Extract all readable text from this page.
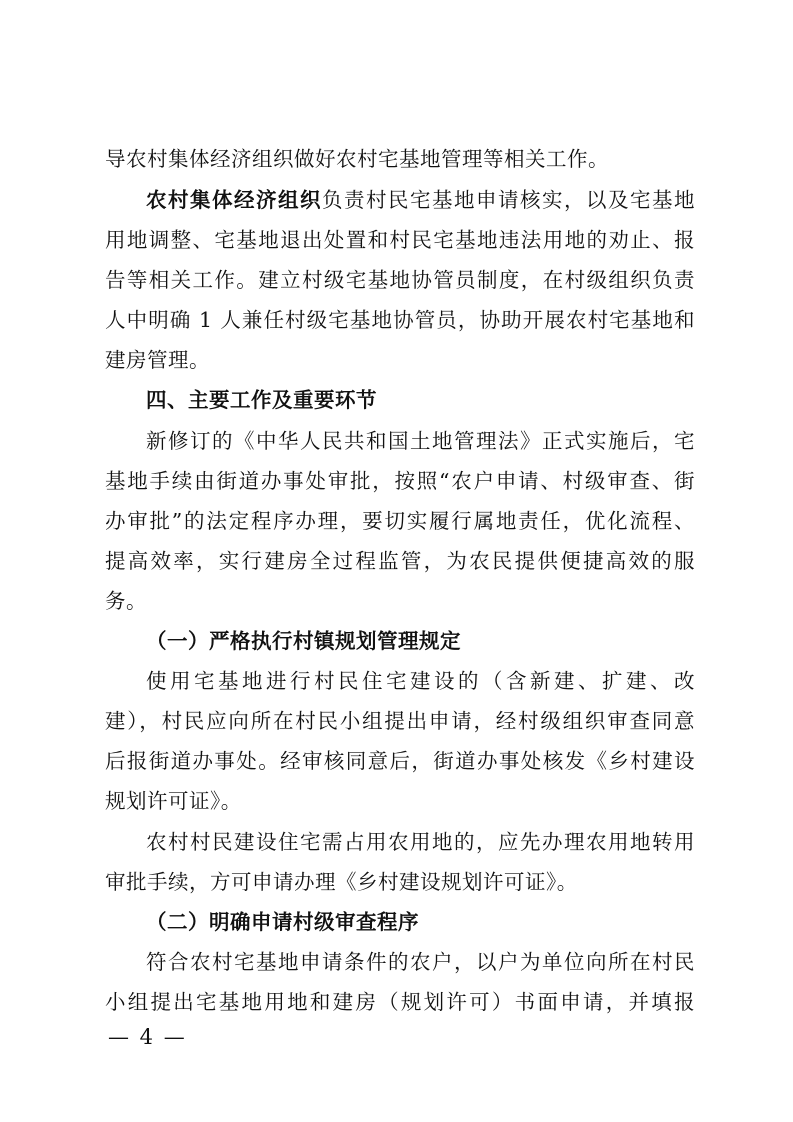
导农村集体经济组织做好农村宅基地管理等相关工作。
农村集体经济组织负责村民宅基地申请核实，以及宅基地
用地调整、宅基地退出处置和村民宅基地违法用地的劝止、报
告等相关工作。建立村级宅基地协管员制度，在村级组织负责
人中明确 1 人兼任村级宅基地协管员，协助开展农村宅基地和
建房管理。
四、主要工作及重要环节
新修订的《中华人民共和国土地管理法》正式实施后，宅
基地手续由街道办事处审批，按照“农户申请、村级审查、街
办审批”的法定程序办理，要切实履行属地责任，优化流程、
提高效率，实行建房全过程监管，为农民提供便捷高效的服
务。
（一）严格执行村镇规划管理规定
使用宅基地进行村民住宅建设的（含新建、扩建、改
建），村民应向所在村民小组提出申请，经村级组织审查同意
后报街道办事处。经审核同意后，街道办事处核发《乡村建设
规划许可证》。
农村村民建设住宅需占用农用地的，应先办理农用地转用
审批手续，方可申请办理《乡村建设规划许可证》。
（二）明确申请村级审查程序
符合农村宅基地申请条件的农户，以户为单位向所在村民
小组提出宅基地用地和建房（规划许可）书面申请，并填报
— 4 —
